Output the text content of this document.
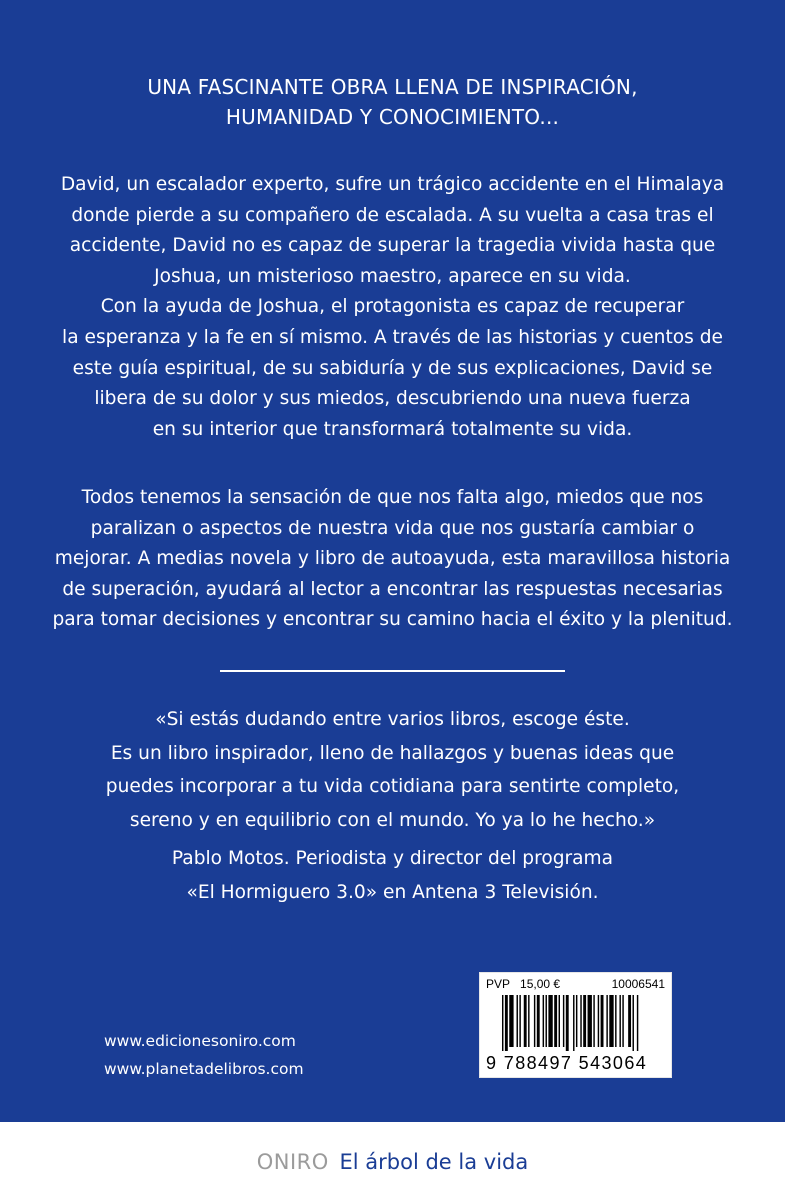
UNA FASCINANTE OBRA LLENA DE INSPIRACIÓN,
HUMANIDAD Y CONOCIMIENTO...
David, un escalador experto, sufre un trágico accidente en el Himalaya
donde pierde a su compañero de escalada. A su vuelta a casa tras el
accidente, David no es capaz de superar la tragedia vivida hasta que
Joshua, un misterioso maestro, aparece en su vida.
Con la ayuda de Joshua, el protagonista es capaz de recuperar
la esperanza y la fe en sí mismo. A través de las historias y cuentos de
este guía espiritual, de su sabiduría y de sus explicaciones, David se
libera de su dolor y sus miedos, descubriendo una nueva fuerza
en su interior que transformará totalmente su vida.
Todos tenemos la sensación de que nos falta algo, miedos que nos
paralizan o aspectos de nuestra vida que nos gustaría cambiar o
mejorar. A medias novela y libro de autoayuda, esta maravillosa historia
de superación, ayudará al lector a encontrar las respuestas necesarias
para tomar decisiones y encontrar su camino hacia el éxito y la plenitud.
«Si estás dudando entre varios libros, escoge éste.
Es un libro inspirador, lleno de hallazgos y buenas ideas que
puedes incorporar a tu vida cotidiana para sentirte completo,
sereno y en equilibrio con el mundo. Yo ya lo he hecho.»
Pablo Motos. Periodista y director del programa
«El Hormiguero 3.0» en Antena 3 Televisión.
www.edicionesoniro.com
www.planetadelibros.com
PVP 15,00 €	10006541
9 788497 543064
ONIRO El árbol de la vida
